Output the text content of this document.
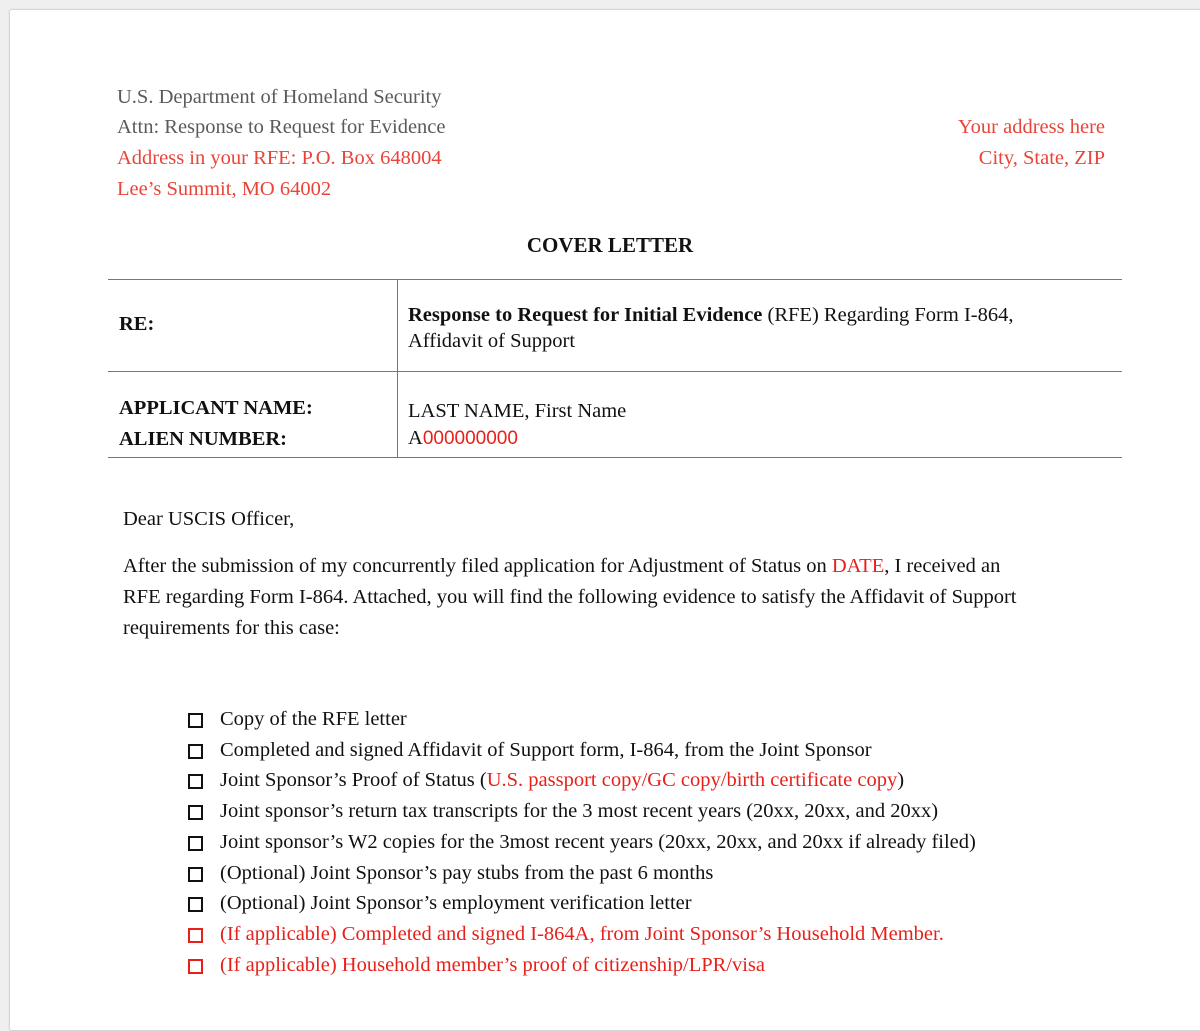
U.S. Department of Homeland Security
Attn: Response to Request for Evidence
Address in your RFE: P.O. Box 648004
Lee’s Summit, MO 64002
Your address here
City, State, ZIP
COVER LETTER
RE:	Response to Request for Initial Evidence (RFE) Regarding Form I-864,
Affidavit of Support
APPLICANT NAME:
ALIEN NUMBER:
LAST NAME, First Name
A000000000
Dear USCIS Officer,
After the submission of my concurrently filed application for Adjustment of Status on DATE, I received an RFE regarding Form I-864. Attached, you will find the following evidence to satisfy the Affidavit of Support requirements for this case:
Copy of the RFE letter
Completed and signed Affidavit of Support form, I-864, from the Joint Sponsor
Joint Sponsor’s Proof of Status (U.S. passport copy/GC copy/birth certificate copy)
Joint sponsor’s return tax transcripts for the 3 most recent years (20xx, 20xx, and 20xx)
Joint sponsor’s W2 copies for the 3most recent years (20xx, 20xx, and 20xx if already filed)
(Optional) Joint Sponsor’s pay stubs from the past 6 months
(Optional) Joint Sponsor’s employment verification letter
(If applicable) Completed and signed I-864A, from Joint Sponsor’s Household Member.
(If applicable) Household member’s proof of citizenship/LPR/visa
